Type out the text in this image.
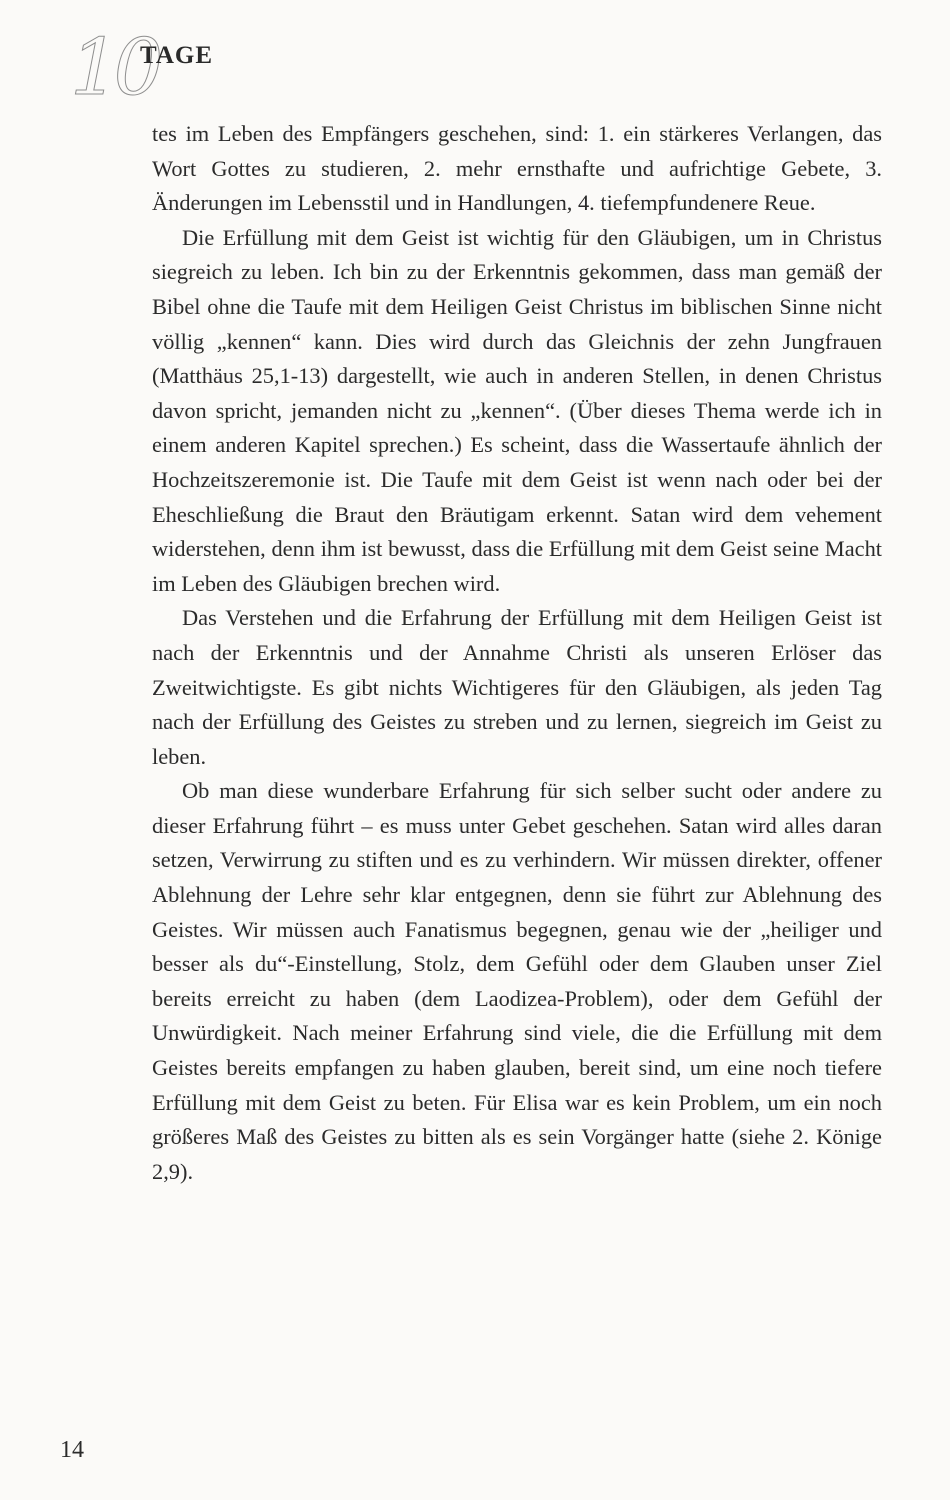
10
TAGE

tes im Leben des Empfängers geschehen, sind: 1. ein stärkeres Verlangen, das Wort Gottes zu studieren, 2. mehr ernsthafte und aufrichtige Gebete, 3. Änderungen im Lebensstil und in Handlungen, 4. tiefempfundenere Reue.

Die Erfüllung mit dem Geist ist wichtig für den Gläubigen, um in Christus siegreich zu leben. Ich bin zu der Erkenntnis gekommen, dass man gemäß der Bibel ohne die Taufe mit dem Heiligen Geist Christus im biblischen Sinne nicht völlig „kennen“ kann. Dies wird durch das Gleichnis der zehn Jungfrauen (Matthäus 25,1-13) dargestellt, wie auch in anderen Stellen, in denen Christus davon spricht, jemanden nicht zu „kennen“. (Über dieses Thema werde ich in einem anderen Kapitel sprechen.) Es scheint, dass die Wassertaufe ähnlich der Hochzeitszeremonie ist. Die Taufe mit dem Geist ist wenn nach oder bei der Eheschließung die Braut den Bräutigam erkennt. Satan wird dem vehement widerstehen, denn ihm ist bewusst, dass die Erfüllung mit dem Geist seine Macht im Leben des Gläubigen brechen wird.

Das Verstehen und die Erfahrung der Erfüllung mit dem Heiligen Geist ist nach der Erkenntnis und der Annahme Christi als unseren Erlöser das Zweitwichtigste. Es gibt nichts Wichtigeres für den Gläubigen, als jeden Tag nach der Erfüllung des Geistes zu streben und zu lernen, siegreich im Geist zu leben.

Ob man diese wunderbare Erfahrung für sich selber sucht oder andere zu dieser Erfahrung führt – es muss unter Gebet geschehen. Satan wird alles daran setzen, Verwirrung zu stiften und es zu verhindern. Wir müssen direkter, offener Ablehnung der Lehre sehr klar entgegnen, denn sie führt zur Ablehnung des Geistes. Wir müssen auch Fanatismus begegnen, genau wie der „heiliger und besser als du“-Einstellung, Stolz, dem Gefühl oder dem Glauben unser Ziel bereits erreicht zu haben (dem Laodizea-Problem), oder dem Gefühl der Unwürdigkeit. Nach meiner Erfahrung sind viele, die die Erfüllung mit dem Geistes bereits empfangen zu haben glauben, bereit sind, um eine noch tiefere Erfüllung mit dem Geist zu beten. Für Elisa war es kein Problem, um ein noch größeres Maß des Geistes zu bitten als es sein Vorgänger hatte (siehe 2. Könige 2,9).

14
